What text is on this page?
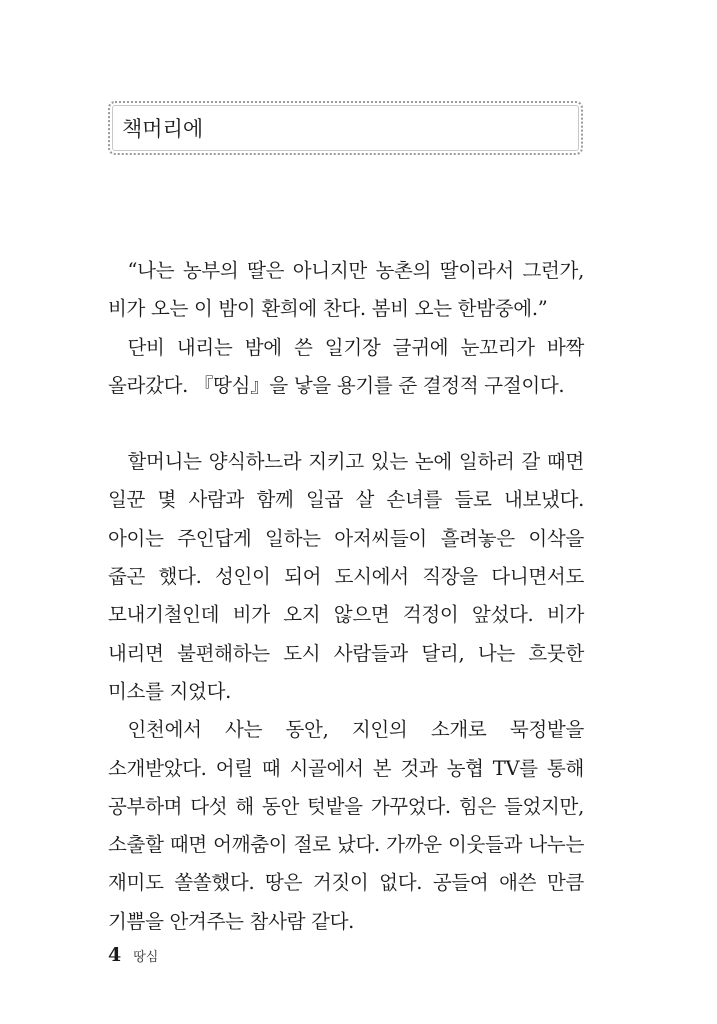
책머리에

“나는 농부의 딸은 아니지만 농촌의 딸이라서 그런가, 비가 오는 이 밤이 환희에 찬다. 봄비 오는 한밤중에.”

단비 내리는 밤에 쓴 일기장 글귀에 눈꼬리가 바짝 올라갔다. 『땅심』을 낳을 용기를 준 결정적 구절이다.

할머니는 양식하느라 지키고 있는 논에 일하러 갈 때면 일꾼 몇 사람과 함께 일곱 살 손녀를 들로 내보냈다. 아이는 주인답게 일하는 아저씨들이 흘려놓은 이삭을 줍곤 했다. 성인이 되어 도시에서 직장을 다니면서도 모내기철인데 비가 오지 않으면 걱정이 앞섰다. 비가 내리면 불편해하는 도시 사람들과 달리, 나는 흐뭇한 미소를 지었다.

인천에서 사는 동안, 지인의 소개로 묵정밭을 소개받았다. 어릴 때 시골에서 본 것과 농협 TV를 통해 공부하며 다섯 해 동안 텃밭을 가꾸었다. 힘은 들었지만, 소출할 때면 어깨춤이 절로 났다. 가까운 이웃들과 나누는 재미도 쏠쏠했다. 땅은 거짓이 없다. 공들여 애쓴 만큼 기쁨을 안겨주는 참사람 같다.

4 땅심
